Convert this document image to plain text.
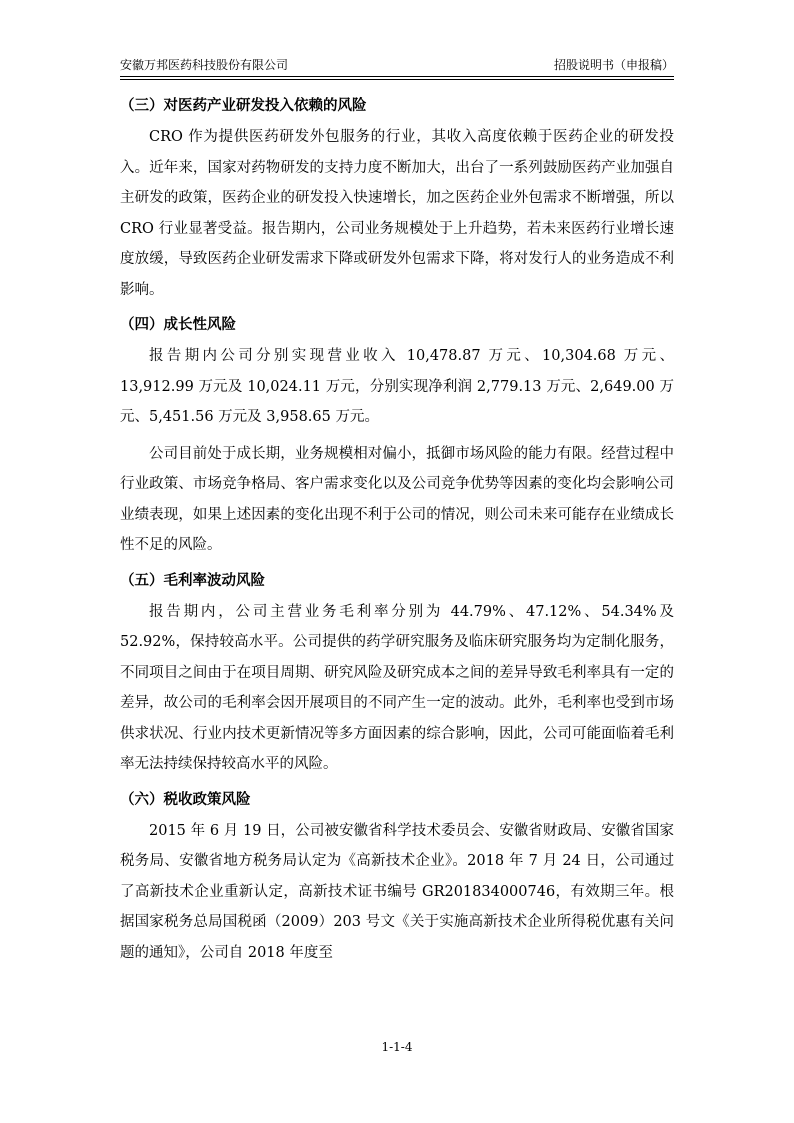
安徽万邦医药科技股份有限公司	招股说明书（申报稿）
（三）对医药产业研发投入依赖的风险

CRO 作为提供医药研发外包服务的行业，其收入高度依赖于医药企业的研发投入。近年来，国家对药物研发的支持力度不断加大，出台了一系列鼓励医药产业加强自主研发的政策，医药企业的研发投入快速增长，加之医药企业外包需求不断增强，所以 CRO 行业显著受益。报告期内，公司业务规模处于上升趋势，若未来医药行业增长速度放缓，导致医药企业研发需求下降或研发外包需求下降，将对发行人的业务造成不利影响。

（四）成长性风险

报告期内公司分别实现营业收入 10,478.87 万元、10,304.68 万元、13,912.99 万元及 10,024.11 万元，分别实现净利润 2,779.13 万元、2,649.00 万元、5,451.56 万元及 3,958.65 万元。

公司目前处于成长期，业务规模相对偏小，抵御市场风险的能力有限。经营过程中行业政策、市场竞争格局、客户需求变化以及公司竞争优势等因素的变化均会影响公司业绩表现，如果上述因素的变化出现不利于公司的情况，则公司未来可能存在业绩成长性不足的风险。

（五）毛利率波动风险

报告期内，公司主营业务毛利率分别为 44.79%、47.12%、54.34%及 52.92%，保持较高水平。公司提供的药学研究服务及临床研究服务均为定制化服务，不同项目之间由于在项目周期、研究风险及研究成本之间的差异导致毛利率具有一定的差异，故公司的毛利率会因开展项目的不同产生一定的波动。此外，毛利率也受到市场供求状况、行业内技术更新情况等多方面因素的综合影响，因此，公司可能面临着毛利率无法持续保持较高水平的风险。

（六）税收政策风险

2015 年 6 月 19 日，公司被安徽省科学技术委员会、安徽省财政局、安徽省国家税务局、安徽省地方税务局认定为《高新技术企业》。2018 年 7 月 24 日，公司通过了高新技术企业重新认定，高新技术证书编号 GR201834000746，有效期三年。根据国家税务总局国税函（2009）203 号文《关于实施高新技术企业所得税优惠有关问题的通知》，公司自 2018 年度至

1-1-4
